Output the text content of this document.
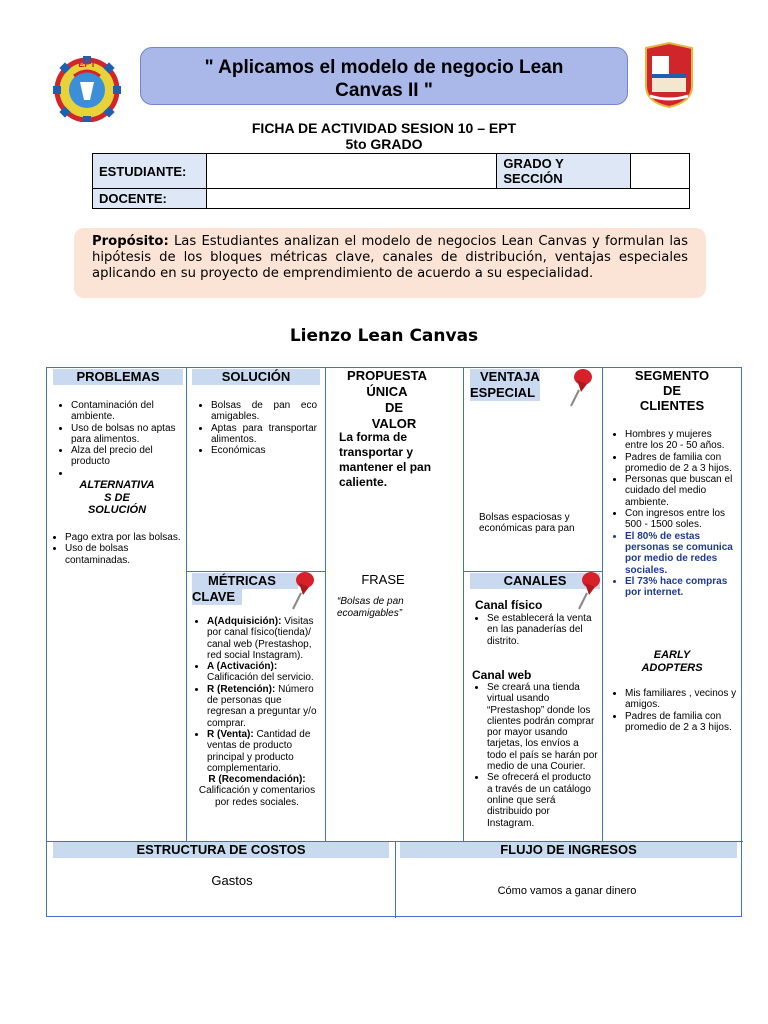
EPT	" Aplicamos el modelo de negocio Lean
Canvas II "
FICHA DE ACTIVIDAD SESION 10 – EPT
5to GRADO
ESTUDIANTE:		GRADO Y
SECCIÓN	
DOCENTE:			
Propósito: Las Estudiantes analizan el modelo de negocios Lean Canvas y formulan las hipótesis de los bloques métricas clave, canales de distribución, ventajas especiales aplicando en su proyecto de emprendimiento de acuerdo a su especialidad.
Lienzo Lean Canvas
PROBLEMAS
• Contaminación del ambiente.
• Uso de bolsas no aptas para alimentos.
• Alza del precio del producto
•
ALTERNATIVA
S DE
SOLUCIÓN
• Pago extra por las bolsas.
• Uso de bolsas contaminadas.
SOLUCIÓN
• Bolsas de pan eco amigables.
• Aptas para transportar alimentos.
• Económicas
MÉTRICAS
CLAVE
• A(Adquisición): Visitas por canal físico(tienda)/ canal web (Prestashop, red social Instagram).
• A (Activación): Calificación del servicio.
• R (Retención): Número de personas que regresan a preguntar y/o comprar.
• R (Venta): Cantidad de ventas de producto principal y producto complementario.
R (Recomendación):
Calificación y comentarios por redes sociales.
PROPUESTA
ÚNICA
DE VALOR
La forma de transportar y mantener el pan caliente.
FRASE
“Bolsas de pan ecoamigables”
VENTAJA
ESPECIAL
Bolsas espaciosas y económicas para pan
CANALES
Canal físico
• Se establecerá la venta en las panaderías del distrito.
Canal web
• Se creará una tienda virtual usando “Prestashop” donde los clientes podrán comprar por mayor usando tarjetas, los envíos a todo el país se harán por medio de una Courier.
• Se ofrecerá el producto a través de un catálogo online que será distribuido por Instagram.
SEGMENTO
DE
CLIENTES
• Hombres y mujeres entre los 20 - 50 años.
• Padres de familia con promedio de 2 a 3 hijos.
• Personas que buscan el cuidado del medio ambiente.
• Con ingresos entre los 500 - 1500 soles.
• El 80% de estas personas se comunica por medio de redes sociales.
• El 73% hace compras por internet.
EARLY
ADOPTERS
• Mis familiares , vecinos y amigos.
• Padres de familia con promedio de 2 a 3 hijos.
ESTRUCTURA DE COSTOS
Gastos
FLUJO DE INGRESOS
Cómo vamos a ganar dinero
